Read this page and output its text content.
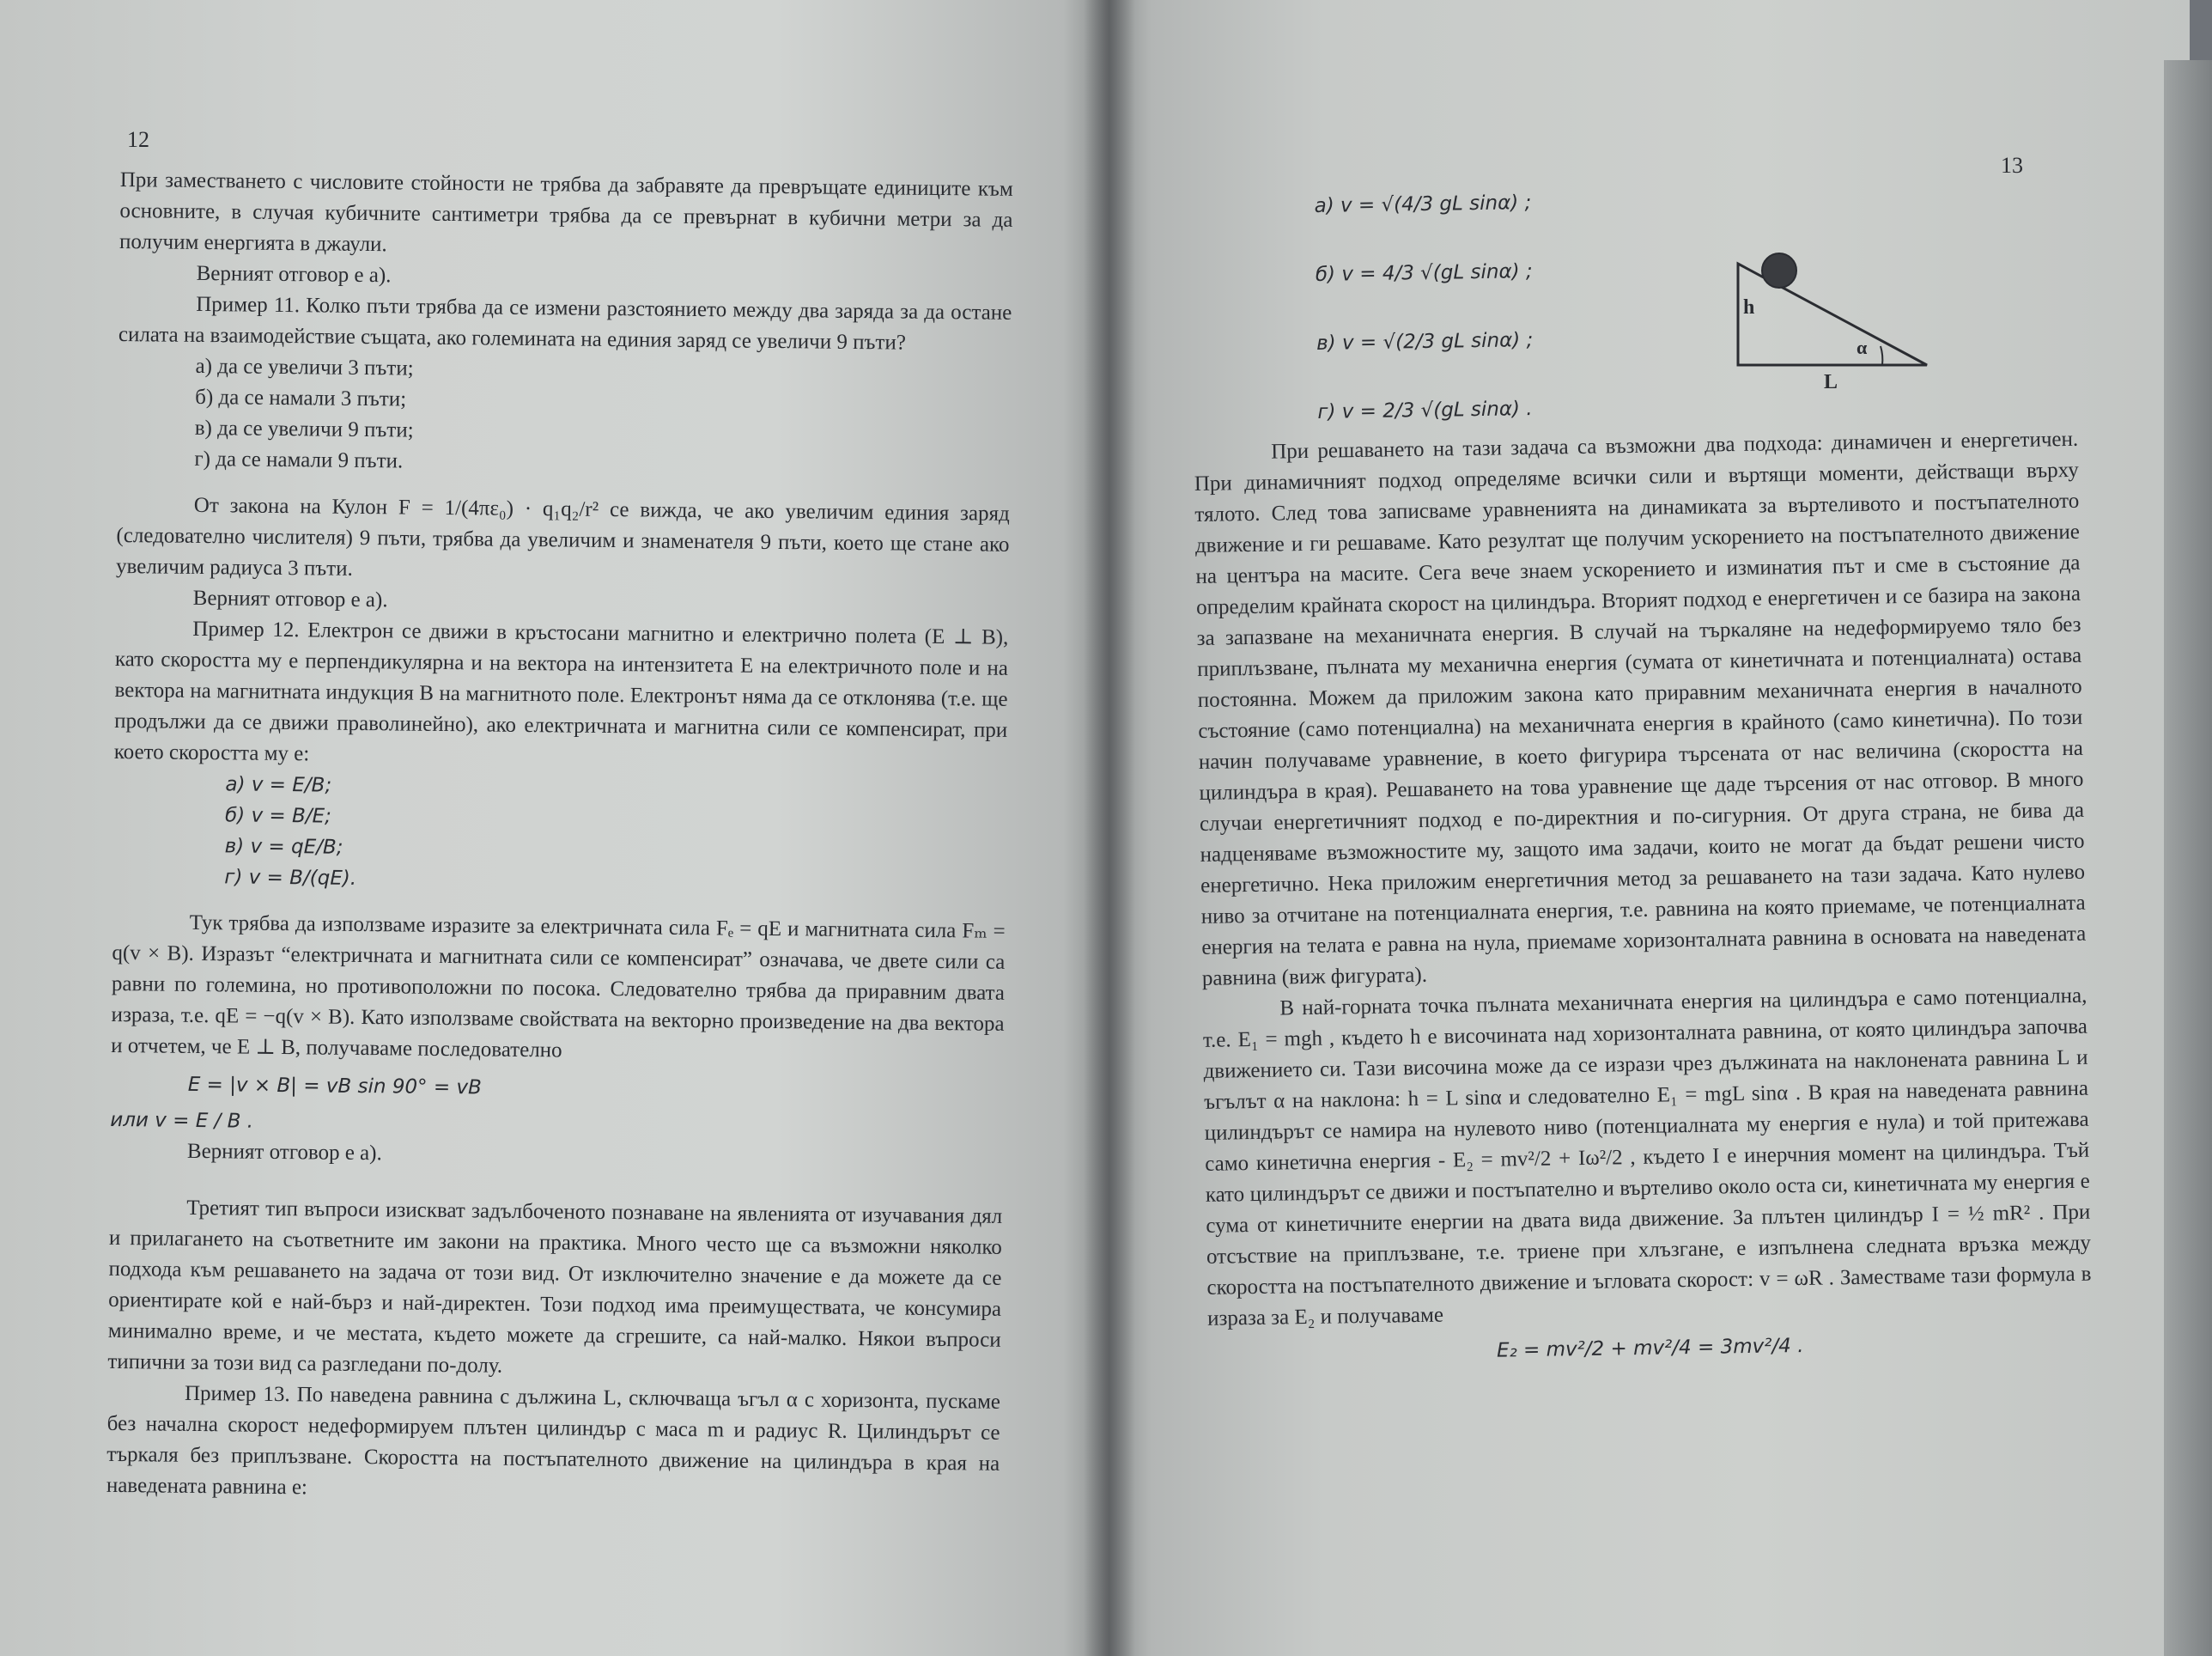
12

При заместването с числовите стойности не трябва да забравяте да превръщате единиците към основните, в случая кубичните сантиметри трябва да се превърнат в кубични метри за да получим енергията в джаули.

Верният отговор е а).

Пример 11. Колко пъти трябва да се измени разстоянието между два заряда за да остане силата на взаимодействие същата, ако големината на единия заряд се увеличи 9 пъти?

а) да се увеличи 3 пъти;

б) да се намали 3 пъти;

в) да се увеличи 9 пъти;

г) да се намали 9 пъти.

От закона на Кулон F = 1/(4πε₀) · q₁q₂/r² се вижда, че ако увеличим единия заряд (следователно числителя) 9 пъти, трябва да увеличим и знаменателя 9 пъти, което ще стане ако увеличим радиуса 3 пъти.

Верният отговор е а).

Пример 12. Електрон се движи в кръстосани магнитно и електрично полета (E ⊥ B), като скоростта му е перпендикулярна и на вектора на интензитета E на електричното поле и на вектора на магнитната индукция B на магнитното поле. Електронът няма да се отклонява (т.е. ще продължи да се движи праволинейно), ако електричната и магнитна сили се компенсират, при което скоростта му е:

а) v = E/B;

б) v = B/E;

в) v = qE/B;

г) v = B/(qE).

Тук трябва да използваме изразите за електричната сила Fₑ = qE и магнитната сила Fₘ = q(v × B). Изразът “електричната и магнитната сили се компенсират” означава, че двете сили са равни по големина, но противоположни по посока. Следователно трябва да приравним двата израза, т.е. qE = −q(v × B). Като използваме свойствата на векторно произведение на два вектора и отчетем, че E ⊥ B, получаваме последователно

E = |v × B| = vB sin 90° = vB

или v = E / B .

Верният отговор е а).

Третият тип въпроси изискват задълбоченото познаване на явленията от изучавания дял и прилагането на съответните им закони на практика. Много често ще са възможни няколко подхода към решаването на задача от този вид. От изключително значение е да можете да се ориентирате кой е най-бърз и най-директен. Този подход има преимуществата, че консумира минимално време, и че местата, където можете да сгрешите, са най-малко. Някои въпроси типични за този вид са разгледани по-долу.

Пример 13. По наведена равнина с дължина L, сключваща ъгъл α с хоризонта, пускаме без начална скорост недеформируем плътен цилиндър с маса m и радиус R. Цилиндърът се търкаля без приплъзване. Скоростта на постъпателното движение на цилиндъра в края на наведената равнина е:

13

а) v = √(4/3 gL sinα) ;

б) v = 4/3 √(gL sinα) ;

в) v = √(2/3 gL sinα) ;

г) v = 2/3 √(gL sinα) .

h
α
L

При решаването на тази задача са възможни два подхода: динамичен и енергетичен. При динамичният подход определяме всички сили и въртящи моменти, действащи върху тялото. След това записваме уравненията на динамиката за въртеливото и постъпателното движение и ги решаваме. Като резултат ще получим ускорението на постъпателното движение на центъра на масите. Сега вече знаем ускорението и изминатия път и сме в състояние да определим крайната скорост на цилиндъра. Вторият подход е енергетичен и се базира на закона за запазване на механичната енергия. В случай на търкаляне на недеформируемо тяло без приплъзване, пълната му механична енергия (сумата от кинетичната и потенциалната) остава постоянна. Можем да приложим закона като приравним механичната енергия в началното състояние (само потенциална) на механичната енергия в крайното (само кинетична). По този начин получаваме уравнение, в което фигурира търсената от нас величина (скоростта на цилиндъра в края). Решаването на това уравнение ще даде търсения от нас отговор. В много случаи енергетичният подход е по-директния и по-сигурния. От друга страна, не бива да надценяваме възможностите му, защото има задачи, които не могат да бъдат решени чисто енергетично. Нека приложим енергетичния метод за решаването на тази задача. Като нулево ниво за отчитане на потенциалната енергия, т.е. равнина на която приемаме, че потенциалната енергия на телата е равна на нула, приемаме хоризонталната равнина в основата на наведената равнина (виж фигурата).

В най-горната точка пълната механичната енергия на цилиндъра е само потенциална, т.е. E₁ = mgh , където h е височината над хоризонталната равнина, от която цилиндъра започва движението си. Тази височина може да се изрази чрез дължината на наклонената равнина L и ъгълът α на наклона: h = L sinα и следователно E₁ = mgL sinα . В края на наведената равнина цилиндърът се намира на нулевото ниво (потенциалната му енергия е нула) и той притежава само кинетична енергия - E₂ = mv²/2 + Iω²/2 , където I е инерчния момент на цилиндъра. Тъй като цилиндърът се движи и постъпателно и въртеливо около оста си, кинетичната му енергия е сума от кинетичните енергии на двата вида движение. За плътен цилиндър I = ½ mR² . При отсъствие на приплъзване, т.е. триене при хлъзгане, е изпълнена следната връзка между скоростта на постъпателното движение и ъгловата скорост: v = ωR . Заместваме тази формула в израза за E₂ и получаваме

E₂ = mv²/2 + mv²/4 = 3mv²/4 .
